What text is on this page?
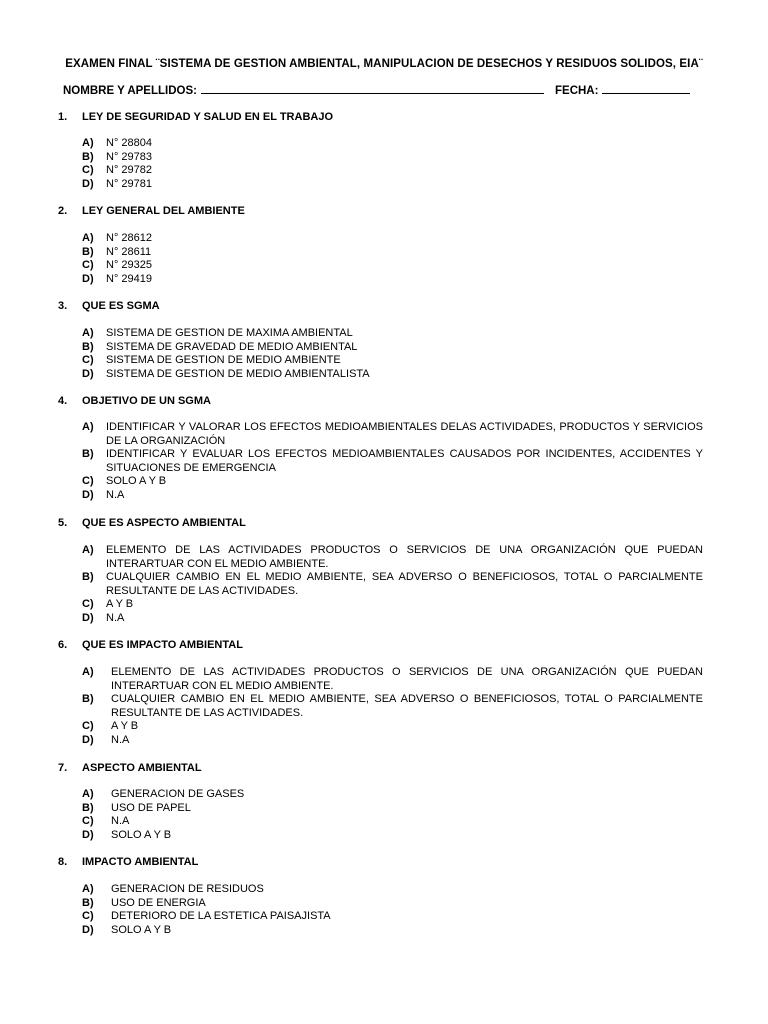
EXAMEN FINAL ¨SISTEMA DE GESTION AMBIENTAL, MANIPULACION DE DESECHOS Y RESIDUOS SOLIDOS, EIA¨
NOMBRE Y APELLIDOS:	FECHA:
1. LEY DE SEGURIDAD Y SALUD EN EL TRABAJO
A)	N° 28804
B)	N° 29783
C)	N° 29782
D)	N° 29781
2. LEY GENERAL DEL AMBIENTE
A)	N° 28612
B)	N° 28611
C)	N° 29325
D)	N° 29419
3. QUE ES SGMA
A)	SISTEMA DE GESTION DE MAXIMA AMBIENTAL
B)	SISTEMA DE GRAVEDAD DE MEDIO AMBIENTAL
C)	SISTEMA DE GESTION DE MEDIO AMBIENTE
D)	SISTEMA DE GESTION DE MEDIO AMBIENTALISTA
4. OBJETIVO DE UN SGMA
A)	IDENTIFICAR Y VALORAR LOS EFECTOS MEDIOAMBIENTALES DELAS ACTIVIDADES, PRODUCTOS Y SERVICIOS DE LA ORGANIZACIÓN
B)	IDENTIFICAR Y EVALUAR LOS EFECTOS MEDIOAMBIENTALES CAUSADOS POR INCIDENTES, ACCIDENTES Y SITUACIONES DE EMERGENCIA
C)	SOLO A Y B
D)	N.A
5. QUE ES ASPECTO AMBIENTAL
A)	ELEMENTO DE LAS ACTIVIDADES PRODUCTOS O SERVICIOS DE UNA ORGANIZACIÓN QUE PUEDAN INTERARTUAR CON EL MEDIO AMBIENTE.
B)	CUALQUIER CAMBIO EN EL MEDIO AMBIENTE, SEA ADVERSO O BENEFICIOSOS, TOTAL O PARCIALMENTE RESULTANTE DE LAS ACTIVIDADES.
C)	A Y B
D)	N.A
6. QUE ES IMPACTO AMBIENTAL
A)	ELEMENTO DE LAS ACTIVIDADES PRODUCTOS O SERVICIOS DE UNA ORGANIZACIÓN QUE PUEDAN INTERARTUAR CON EL MEDIO AMBIENTE.
B)	CUALQUIER CAMBIO EN EL MEDIO AMBIENTE, SEA ADVERSO O BENEFICIOSOS, TOTAL O PARCIALMENTE RESULTANTE DE LAS ACTIVIDADES.
C)	A Y B
D)	N.A
7. ASPECTO AMBIENTAL
A)	GENERACION DE GASES
B)	USO DE PAPEL
C)	N.A
D)	SOLO A Y B
8. IMPACTO AMBIENTAL
A)	GENERACION DE RESIDUOS
B)	USO DE ENERGIA
C)	DETERIORO DE LA ESTETICA PAISAJISTA
D)	SOLO A Y B
